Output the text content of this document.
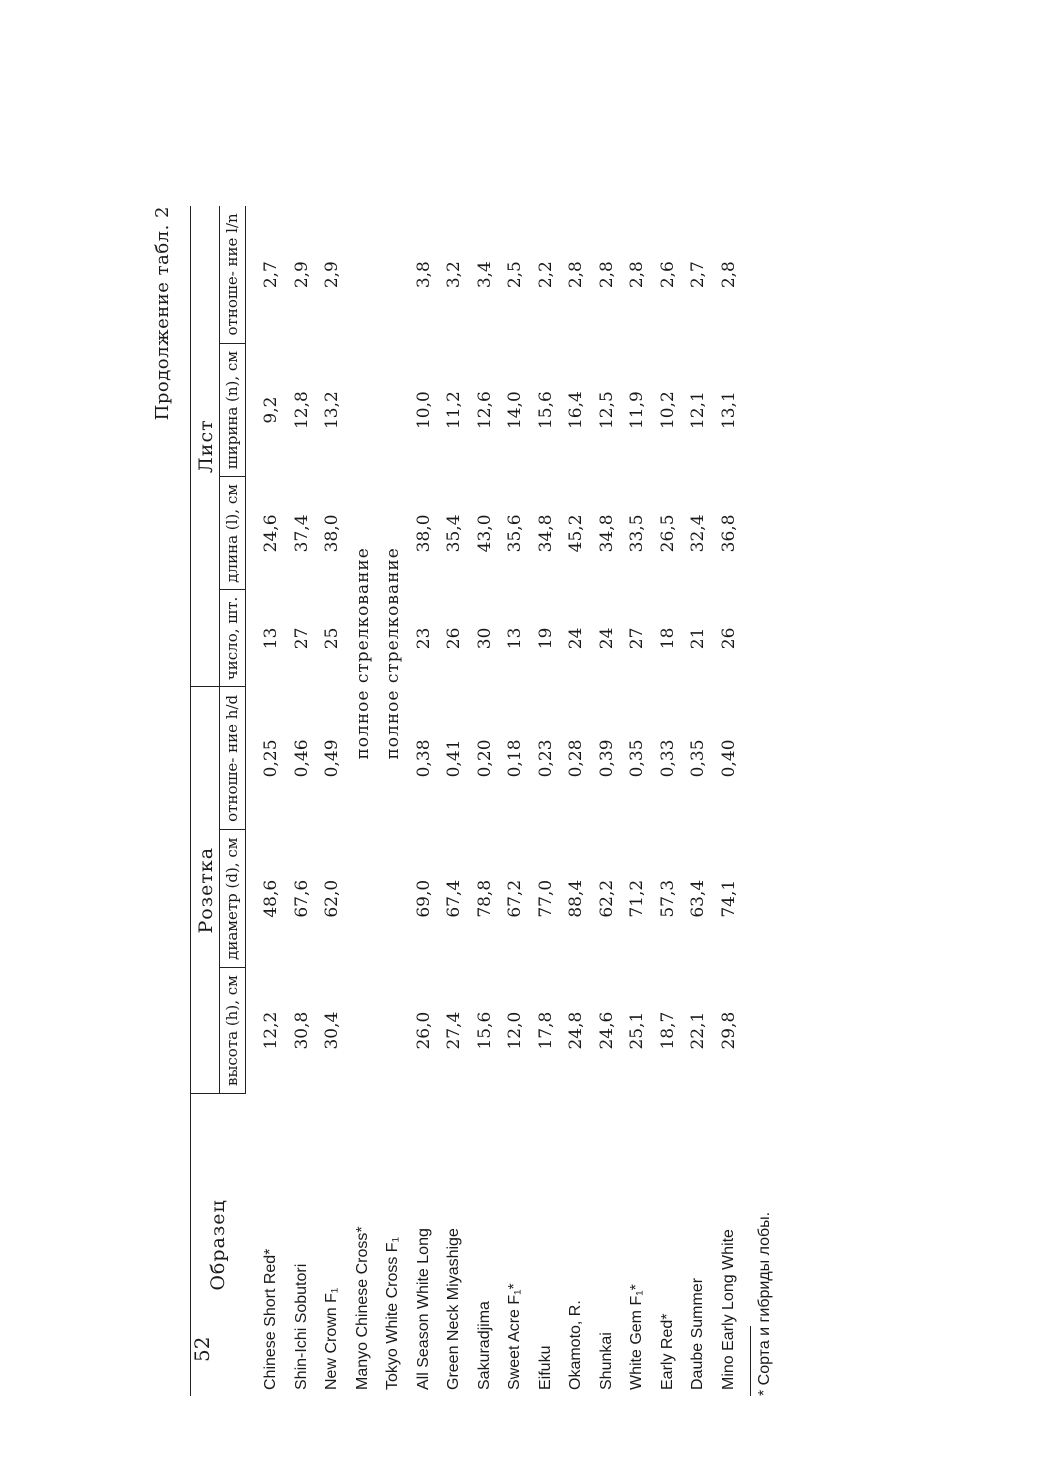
52
Продолжение табл. 2
Образец	Розетка			Лист			
	высота (h), см	диаметр (d), см	отноше- ние h/d	число, шт.	длина (l), см	ширина (n), см	отноше- ние l/n
Chinese Short Red*	12,2	48,6	0,25	13	24,6	9,2	2,7
Shin-Ichi Sobutori	30,8	67,6	0,46	27	37,4	12,8	2,9
New Crown F₁	30,4	62,0	0,49	25	38,0	13,2	2,9
Manyo Chinese Cross*			полное стрелкование				
Tokyo White Cross F₁			полное стрелкование				
All Season White Long	26,0	69,0	0,38	23	38,0	10,0	3,8
Green Neck Miyashige	27,4	67,4	0,41	26	35,4	11,2	3,2
Sakuradjima	15,6	78,8	0,20	30	43,0	12,6	3,4
Sweet Acre F₁*	12,0	67,2	0,18	13	35,6	14,0	2,5
Eifuku	17,8	77,0	0,23	19	34,8	15,6	2,2
Okamoto, R.	24,8	88,4	0,28	24	45,2	16,4	2,8
Shunkai	24,6	62,2	0,39	24	34,8	12,5	2,8
White Gem F₁*	25,1	71,2	0,35	27	33,5	11,9	2,8
Early Red*	18,7	57,3	0,33	18	26,5	10,2	2,6
Daube Summer	22,1	63,4	0,35	21	32,4	12,1	2,7
Mino Early Long White	29,8	74,1	0,40	26	36,8	13,1	2,8
* Сорта и гибриды лобы.
